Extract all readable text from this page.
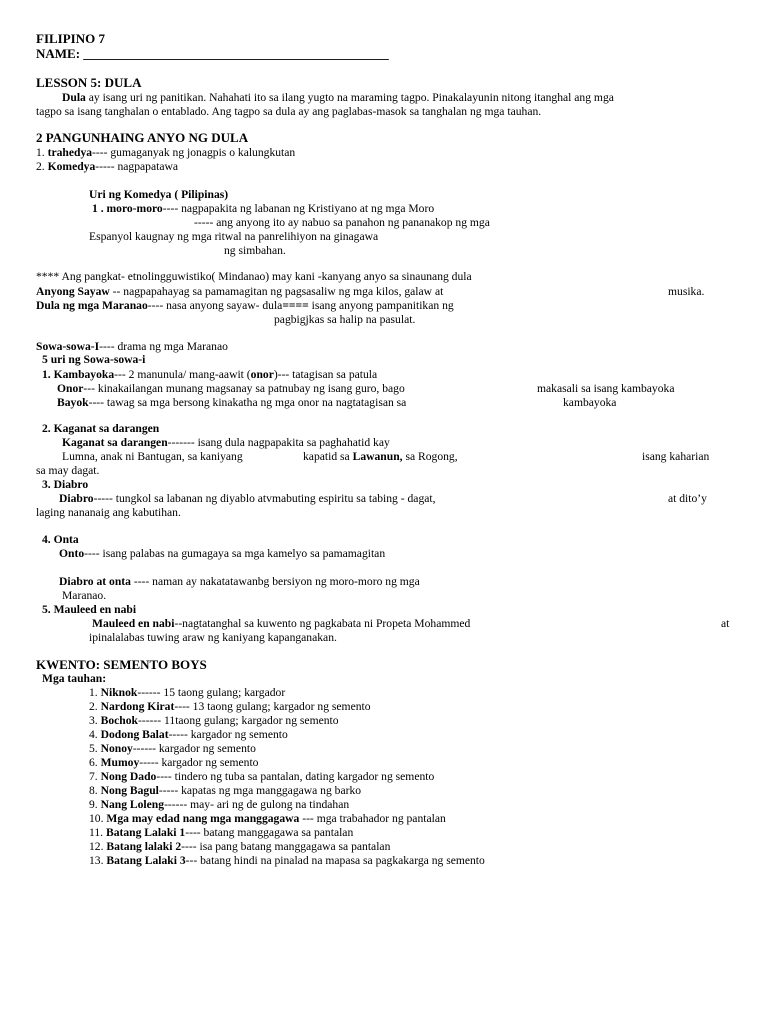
FILIPINO 7
NAME: _______________________________________________
LESSON 5: DULA
Dula ay isang uri ng panitikan. Nahahati ito sa ilang yugto na maraming tagpo. Pinakalayunin nitong itanghal ang mga
tagpo sa isang tanghalan o entablado. Ang tagpo sa dula ay ang paglabas-masok sa tanghalan ng mga tauhan.
2 PANGUNHAING ANYO NG DULA
1. trahedya---- gumaganyak ng jonagpis o kalungkutan
2. Komedya----- nagpapatawa
Uri ng Komedya ( Pilipinas)
1 . moro-moro---- nagpapakita ng labanan ng Kristiyano at ng mga Moro
----- ang anyong ito ay nabuo sa panahon ng pananakop ng mga
Espanyol kaugnay ng mga ritwal na panrelihiyon na ginagawa
ng simbahan.
**** Ang pangkat- etnolingguwistiko( Mindanao) may kani -kanyang anyo sa sinaunang dula
Anyong Sayaw -- nagpapahayag sa pamamagitan ng pagsasaliw ng mga kilos, galaw at	musika.
Dula ng mga Maranao---- nasa anyong sayaw- dula==== isang anyong pampanitikan ng
pagbigjkas sa halip na pasulat.
Sowa-sowa-I---- drama ng mga Maranao
5 uri ng Sowa-sowa-i
1. Kambayoka--- 2 manunula/ mang-aawit (onor)--- tatagisan sa patula
Onor--- kinakailangan munang magsanay sa patnubay ng isang guro, bago	makasali sa isang kambayoka
Bayok---- tawag sa mga bersong kinakatha ng mga onor na nagtatagisan sa	kambayoka
2. Kaganat sa darangen
Kaganat sa darangen------- isang dula nagpapakita sa paghahatid kay
Lumna, anak ni Bantugan, sa kaniyang	kapatid sa Lawanun, sa Rogong,	isang kaharian
sa may dagat.
3. Diabro
Diabro----- tungkol sa labanan ng diyablo atvmabuting espiritu sa tabing - dagat,	at dito’y
laging nananaig ang kabutihan.
4. Onta
Onto---- isang palabas na gumagaya sa mga kamelyo sa pamamagitan
Diabro at onta ---- naman ay nakatatawanbg bersiyon ng moro-moro ng mga
Maranao.
5. Mauleed en nabi
Mauleed en nabi--nagtatanghal sa kuwento ng pagkabata ni Propeta Mohammed	at
ipinalalabas tuwing araw ng kaniyang kapanganakan.
KWENTO: SEMENTO BOYS
Mga tauhan:
1. Niknok------ 15 taong gulang; kargador
2. Nardong Kirat---- 13 taong gulang; kargador ng semento
3. Bochok------ 11taong gulang; kargador ng semento
4. Dodong Balat----- kargador ng semento
5. Nonoy------ kargador ng semento
6. Mumoy----- kargador ng semento
7. Nong Dado---- tindero ng tuba sa pantalan, dating kargador ng semento
8. Nong Bagul----- kapatas ng mga manggagawa ng barko
9. Nang Loleng------ may- ari ng de gulong na tindahan
10. Mga may edad nang mga manggagawa --- mga trabahador ng pantalan
11. Batang Lalaki 1---- batang manggagawa sa pantalan
12. Batang lalaki 2---- isa pang batang manggagawa sa pantalan
13. Batang Lalaki 3--- batang hindi na pinalad na mapasa sa pagkakarga ng semento
